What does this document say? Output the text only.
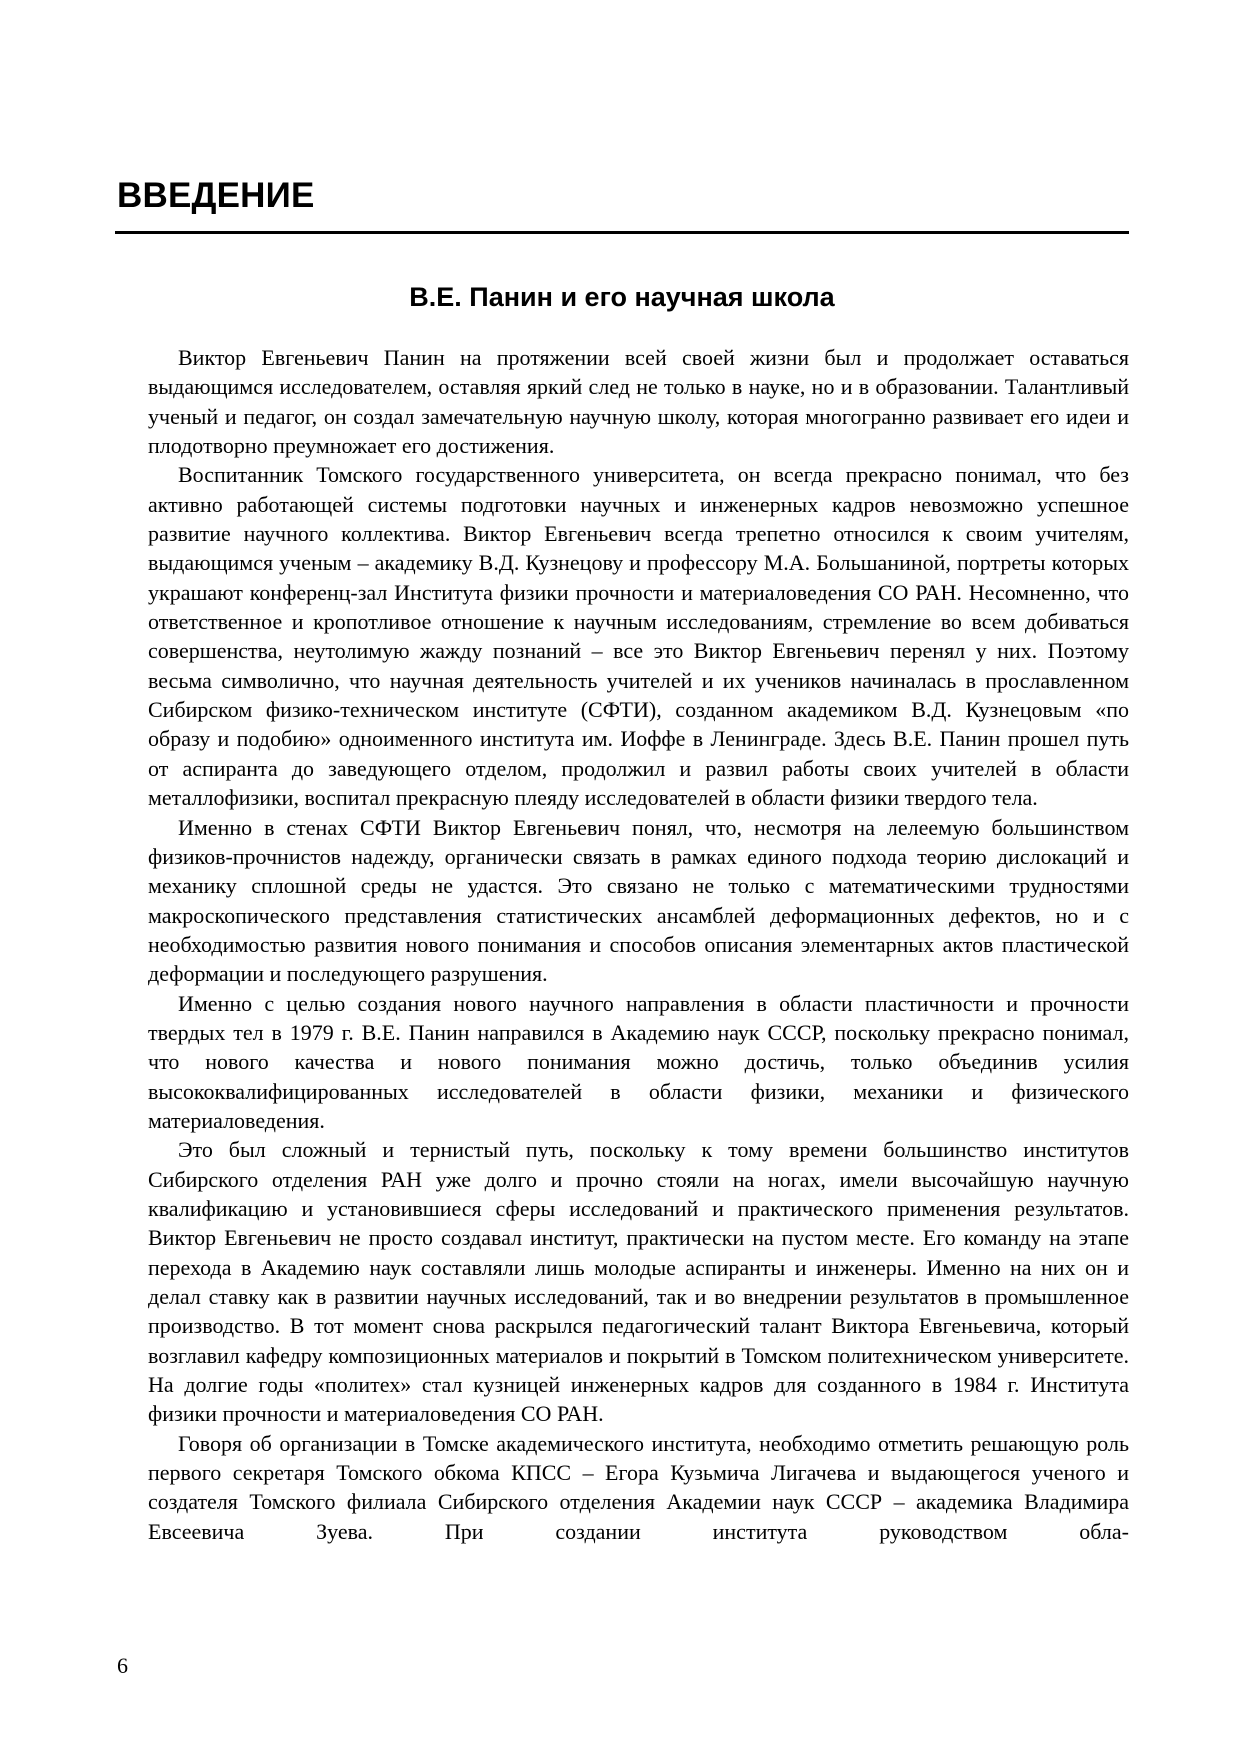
ВВЕДЕНИЕ
В.Е. Панин и его научная школа

Виктор Евгеньевич Панин на протяжении всей своей жизни был и продолжает оставаться выдающимся исследователем, оставляя яркий след не только в науке, но и в образовании. Талантливый ученый и педагог, он создал замечательную научную школу, которая многогранно развивает его идеи и плодотворно преумножает его достижения.

Воспитанник Томского государственного университета, он всегда прекрасно понимал, что без активно работающей системы подготовки научных и инженерных кадров невозможно успешное развитие научного коллектива. Виктор Евгеньевич всегда трепетно относился к своим учителям, выдающимся ученым – академику В.Д. Кузнецову и профессору М.А. Большаниной, портреты которых украшают конференц-зал Института физики прочности и материаловедения СО РАН. Несомненно, что ответственное и кропотливое отношение к научным исследованиям, стремление во всем добиваться совершенства, неутолимую жажду познаний – все это Виктор Евгеньевич перенял у них. Поэтому весьма символично, что научная деятельность учителей и их учеников начиналась в прославленном Сибирском физико-техническом институте (СФТИ), созданном академиком В.Д. Кузнецовым «по образу и подобию» одноименного института им. Иоффе в Ленинграде. Здесь В.Е. Панин прошел путь от аспиранта до заведующего отделом, продолжил и развил работы своих учителей в области металлофизики, воспитал прекрасную плеяду исследователей в области физики твердого тела.

Именно в стенах СФТИ Виктор Евгеньевич понял, что, несмотря на лелеемую большинством физиков-прочнистов надежду, органически связать в рамках единого подхода теорию дислокаций и механику сплошной среды не удастся. Это связано не только с математическими трудностями макроскопического представления статистических ансамблей деформационных дефектов, но и с необходимостью развития нового понимания и способов описания элементарных актов пластической деформации и последующего разрушения.

Именно с целью создания нового научного направления в области пластичности и прочности твердых тел в 1979 г. В.Е. Панин направился в Академию наук СССР, поскольку прекрасно понимал, что нового качества и нового понимания можно достичь, только объединив усилия высококвалифицированных исследователей в области физики, механики и физического материаловедения.

Это был сложный и тернистый путь, поскольку к тому времени большинство институтов Сибирского отделения РАН уже долго и прочно стояли на ногах, имели высочайшую научную квалификацию и установившиеся сферы исследований и практического применения результатов. Виктор Евгеньевич не просто создавал институт, практически на пустом месте. Его команду на этапе перехода в Академию наук составляли лишь молодые аспиранты и инженеры. Именно на них он и делал ставку как в развитии научных исследований, так и во внедрении результатов в промышленное производство. В тот момент снова раскрылся педагогический талант Виктора Евгеньевича, который возглавил кафедру композиционных материалов и покрытий в Томском политехническом университете. На долгие годы «политех» стал кузницей инженерных кадров для созданного в 1984 г. Института физики прочности и материаловедения СО РАН.

Говоря об организации в Томске академического института, необходимо отметить решающую роль первого секретаря Томского обкома КПСС – Егора Кузьмича Лигачева и выдающегося ученого и создателя Томского филиала Сибирского отделения Академии наук СССР – академика Владимира Евсеевича Зуева. При создании института руководством обла-

6
